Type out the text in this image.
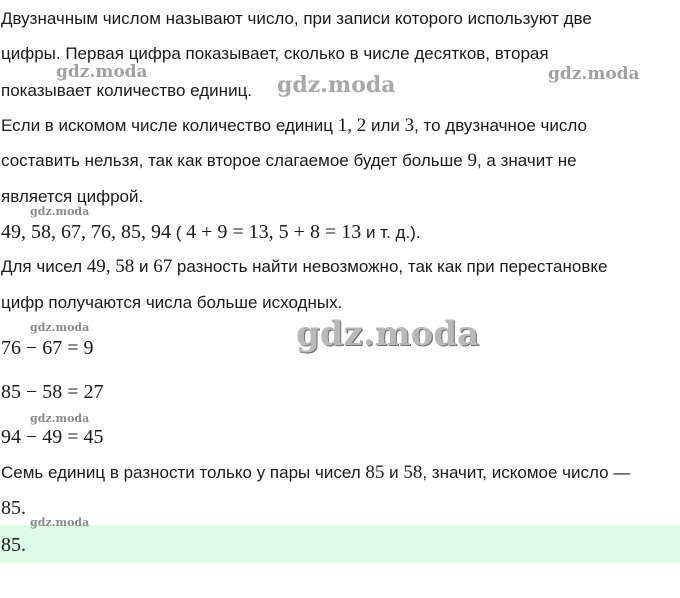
Двузначным числом называют число, при записи которого используют две
цифры. Первая цифра показывает, сколько в числе десятков, вторая
показывает количество единиц.
Если в искомом числе количество единиц 1, 2 или 3, то двузначное число
составить нельзя, так как второе слагаемое будет больше 9, а значит не
является цифрой.
49, 58, 67, 76, 85, 94 ( 4 + 9 = 13, 5 + 8 = 13 и т. д.).
Для чисел 49, 58 и 67 разность найти невозможно, так как при перестановке
цифр получаются числа больше исходных.
76 − 67 = 9
85 − 58 = 27
94 − 49 = 45
Семь единиц в разности только у пары чисел 85 и 58, значит, искомое число —
85.
85.
gdz.moda	gdz.moda	gdz.moda
gdz.moda
gdz.moda
gdz.moda
gdz.moda
gdz.moda
